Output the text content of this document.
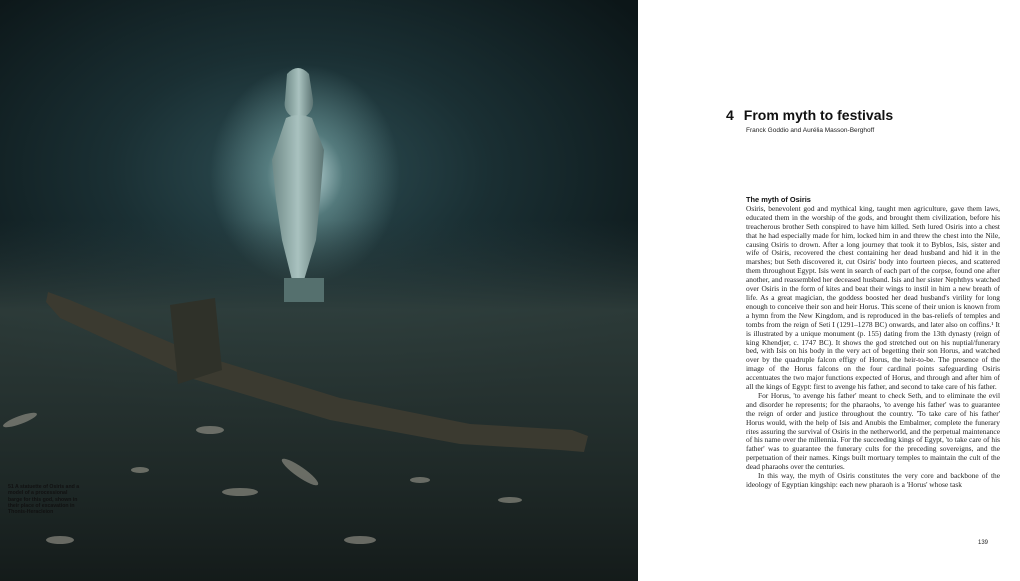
51 A statuette of Osiris and a model of a processional barge for this god, shown in their place of excavation in Thonis-Heracleion
4 From myth to festivals
Franck Goddio and Aurélia Masson-Berghoff
The myth of Osiris

Osiris, benevolent god and mythical king, taught men agriculture, gave them laws, educated them in the worship of the gods, and brought them civilization, before his treacherous brother Seth conspired to have him killed. Seth lured Osiris into a chest that he had especially made for him, locked him in and threw the chest into the Nile, causing Osiris to drown. After a long journey that took it to Byblos, Isis, sister and wife of Osiris, recovered the chest containing her dead husband and hid it in the marshes; but Seth discovered it, cut Osiris' body into fourteen pieces, and scattered them throughout Egypt. Isis went in search of each part of the corpse, found one after another, and reassembled her deceased husband. Isis and her sister Nephthys watched over Osiris in the form of kites and beat their wings to instil in him a new breath of life. As a great magician, the goddess boosted her dead husband's virility for long enough to conceive their son and heir Horus. This scene of their union is known from a hymn from the New Kingdom, and is reproduced in the bas-reliefs of temples and tombs from the reign of Seti I (1291–1278 BC) onwards, and later also on coffins.¹ It is illustrated by a unique monument (p. 155) dating from the 13th dynasty (reign of king Khendjer, c. 1747 BC). It shows the god stretched out on his nuptial/funerary bed, with Isis on his body in the very act of begetting their son Horus, and watched over by the quadruple falcon effigy of Horus, the heir-to-be. The presence of the image of the Horus falcons on the four cardinal points safeguarding Osiris accentuates the two major functions expected of Horus, and through and after him of all the kings of Egypt: first to avenge his father, and second to take care of his father.

For Horus, 'to avenge his father' meant to check Seth, and to eliminate the evil and disorder he represents; for the pharaohs, 'to avenge his father' was to guarantee the reign of order and justice throughout the country. 'To take care of his father' Horus would, with the help of Isis and Anubis the Embalmer, complete the funerary rites assuring the survival of Osiris in the netherworld, and the perpetual maintenance of his name over the millennia. For the succeeding kings of Egypt, 'to take care of his father' was to guarantee the funerary cults for the preceding sovereigns, and the perpetuation of their names. Kings built mortuary temples to maintain the cult of the dead pharaohs over the centuries.

In this way, the myth of Osiris constitutes the very core and backbone of the ideology of Egyptian kingship: each new pharaoh is a 'Horus' whose task

139
